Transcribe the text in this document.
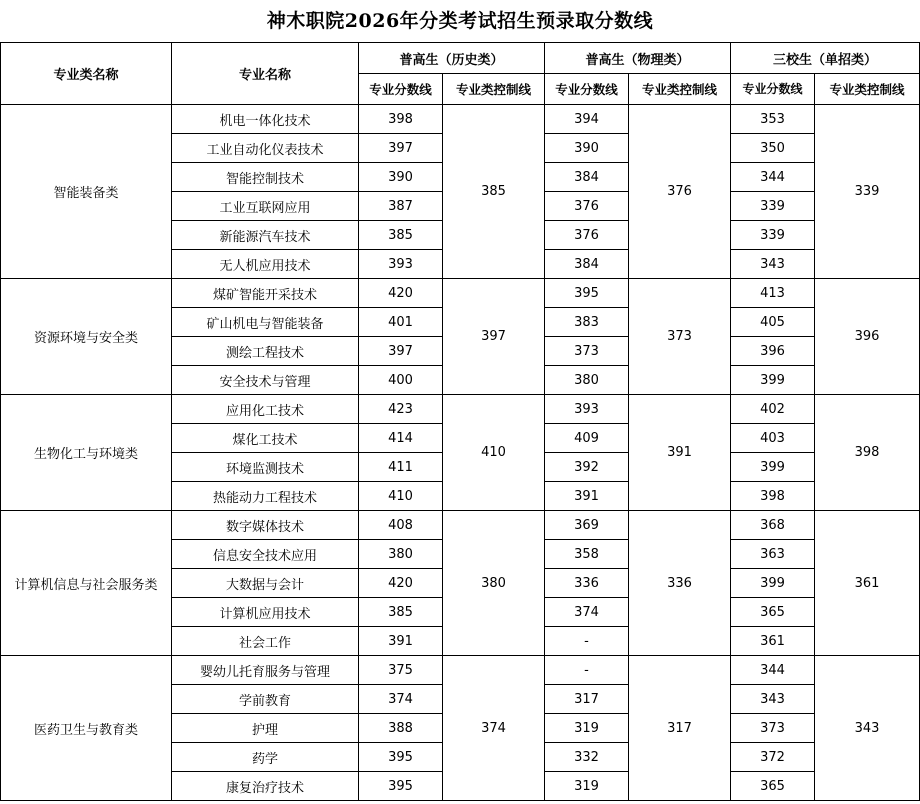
神木职院2026年分类考试招生预录取分数线
专业类名称	专业名称	普高生（历史类）		普高生（物理类）		三校生（单招类）	
		专业分数线	专业类控制线	专业分数线	专业类控制线	专业分数线	专业类控制线
智能装备类	机电一体化技术	398	385	394	376	353	339
	工业自动化仪表技术	397		390		350	
	智能控制技术	390		384		344	
	工业互联网应用	387		376		339	
	新能源汽车技术	385		376		339	
	无人机应用技术	393		384		343	
资源环境与安全类	煤矿智能开采技术	420	397	395	373	413	396
	矿山机电与智能装备	401		383		405	
	测绘工程技术	397		373		396	
	安全技术与管理	400		380		399	
生物化工与环境类	应用化工技术	423	410	393	391	402	398
	煤化工技术	414		409		403	
	环境监测技术	411		392		399	
	热能动力工程技术	410		391		398	
计算机信息与社会服务类	数字媒体技术	408	380	369	336	368	361
	信息安全技术应用	380		358		363	
	大数据与会计	420		336		399	
	计算机应用技术	385		374		365	
	社会工作	391		-		361	
医药卫生与教育类	婴幼儿托育服务与管理	375	374	-	317	344	343
	学前教育	374		317		343	
	护理	388		319		373	
	药学	395		332		372	
	康复治疗技术	395		319		365	
